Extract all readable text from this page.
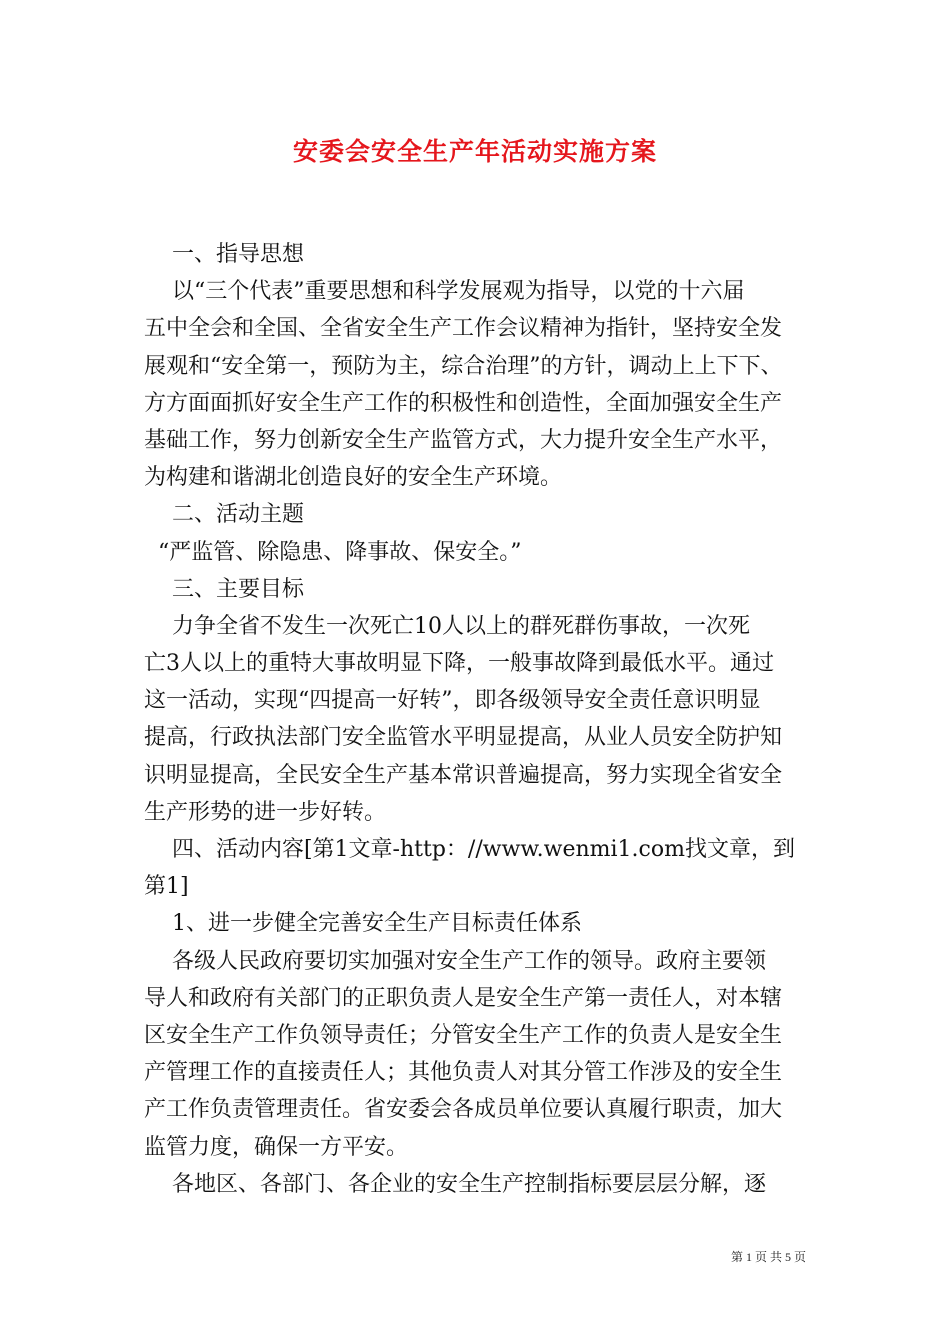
安委会安全生产年活动实施方案
一、指导思想
以“三个代表”重要思想和科学发展观为指导，以党的十六届
五中全会和全国、全省安全生产工作会议精神为指针，坚持安全发
展观和“安全第一，预防为主，综合治理”的方针，调动上上下下、
方方面面抓好安全生产工作的积极性和创造性，全面加强安全生产
基础工作，努力创新安全生产监管方式，大力提升安全生产水平，
为构建和谐湖北创造良好的安全生产环境。
二、活动主题
“严监管、除隐患、降事故、保安全。”
三、主要目标
力争全省不发生一次死亡10人以上的群死群伤事故，一次死
亡3人以上的重特大事故明显下降，一般事故降到最低水平。通过
这一活动，实现“四提高一好转”，即各级领导安全责任意识明显
提高，行政执法部门安全监管水平明显提高，从业人员安全防护知
识明显提高，全民安全生产基本常识普遍提高，努力实现全省安全
生产形势的进一步好转。
四、活动内容[第1文章-http：//www.wenmi1.com找文章，到
第1]
1、进一步健全完善安全生产目标责任体系
各级人民政府要切实加强对安全生产工作的领导。政府主要领
导人和政府有关部门的正职负责人是安全生产第一责任人，对本辖
区安全生产工作负领导责任；分管安全生产工作的负责人是安全生
产管理工作的直接责任人；其他负责人对其分管工作涉及的安全生
产工作负责管理责任。省安委会各成员单位要认真履行职责，加大
监管力度，确保一方平安。
各地区、各部门、各企业的安全生产控制指标要层层分解，逐
第 1 页 共 5 页
